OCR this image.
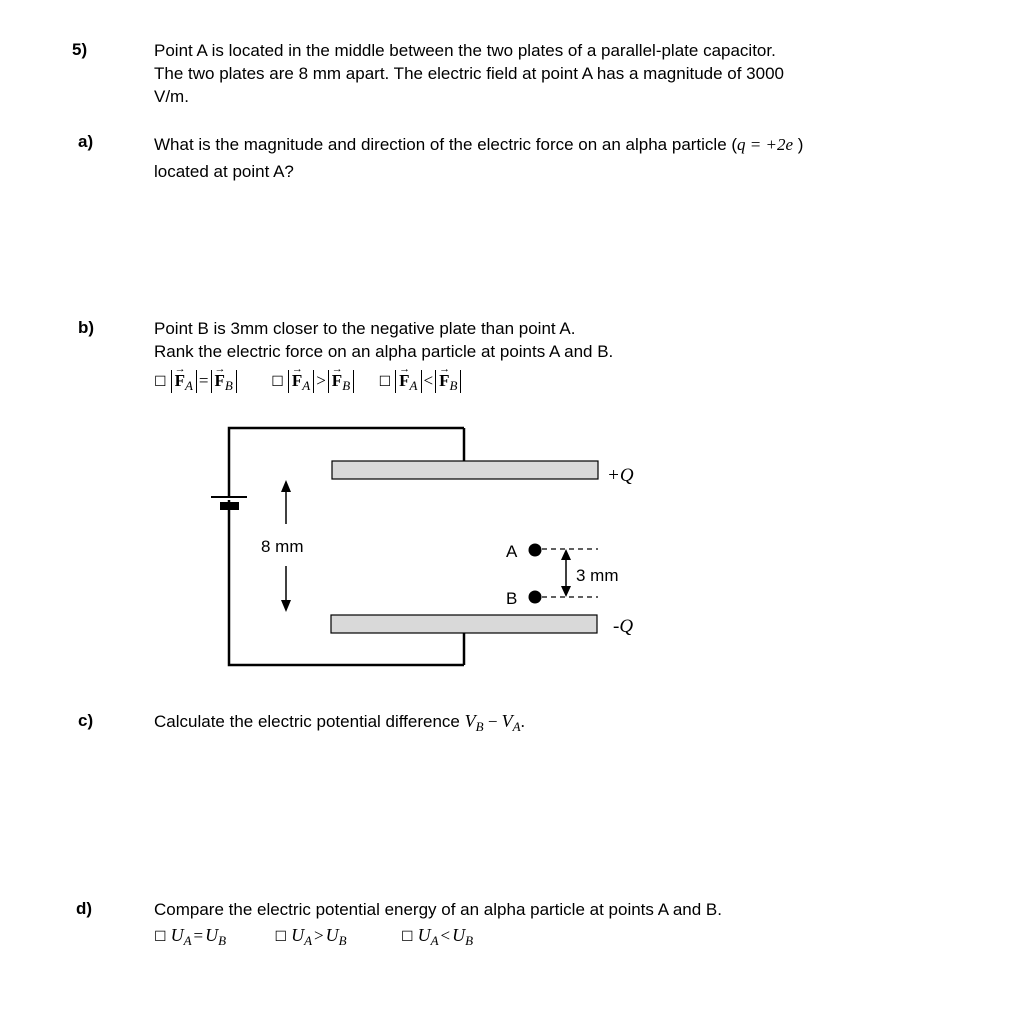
5)	Point A is located in the middle between the two plates of a parallel-plate capacitor.
The two plates are 8 mm apart. The electric field at point A has a magnitude of 3000
V/m.
a)	What is the magnitude and direction of the electric force on an alpha particle (q = +2e )
located at point A?
b)	Point B is 3mm closer to the negative plate than point A.
Rank the electric force on an alpha particle at points A and B.
☐→ $F_A =\to F_B$	☐→ $F_A >\to F_B$ ☐→ $F_A <\to F_B$
+Q
-Q
8 mm
3 mm
A
B
c)	Calculate the electric potential difference $V_B - V_A$.
d)	Compare the electric potential energy of an alpha particle at points A and B.
☐ $U_A = U_B$	☐ $U_A > U_B$	☐ $U_A < U_B$
